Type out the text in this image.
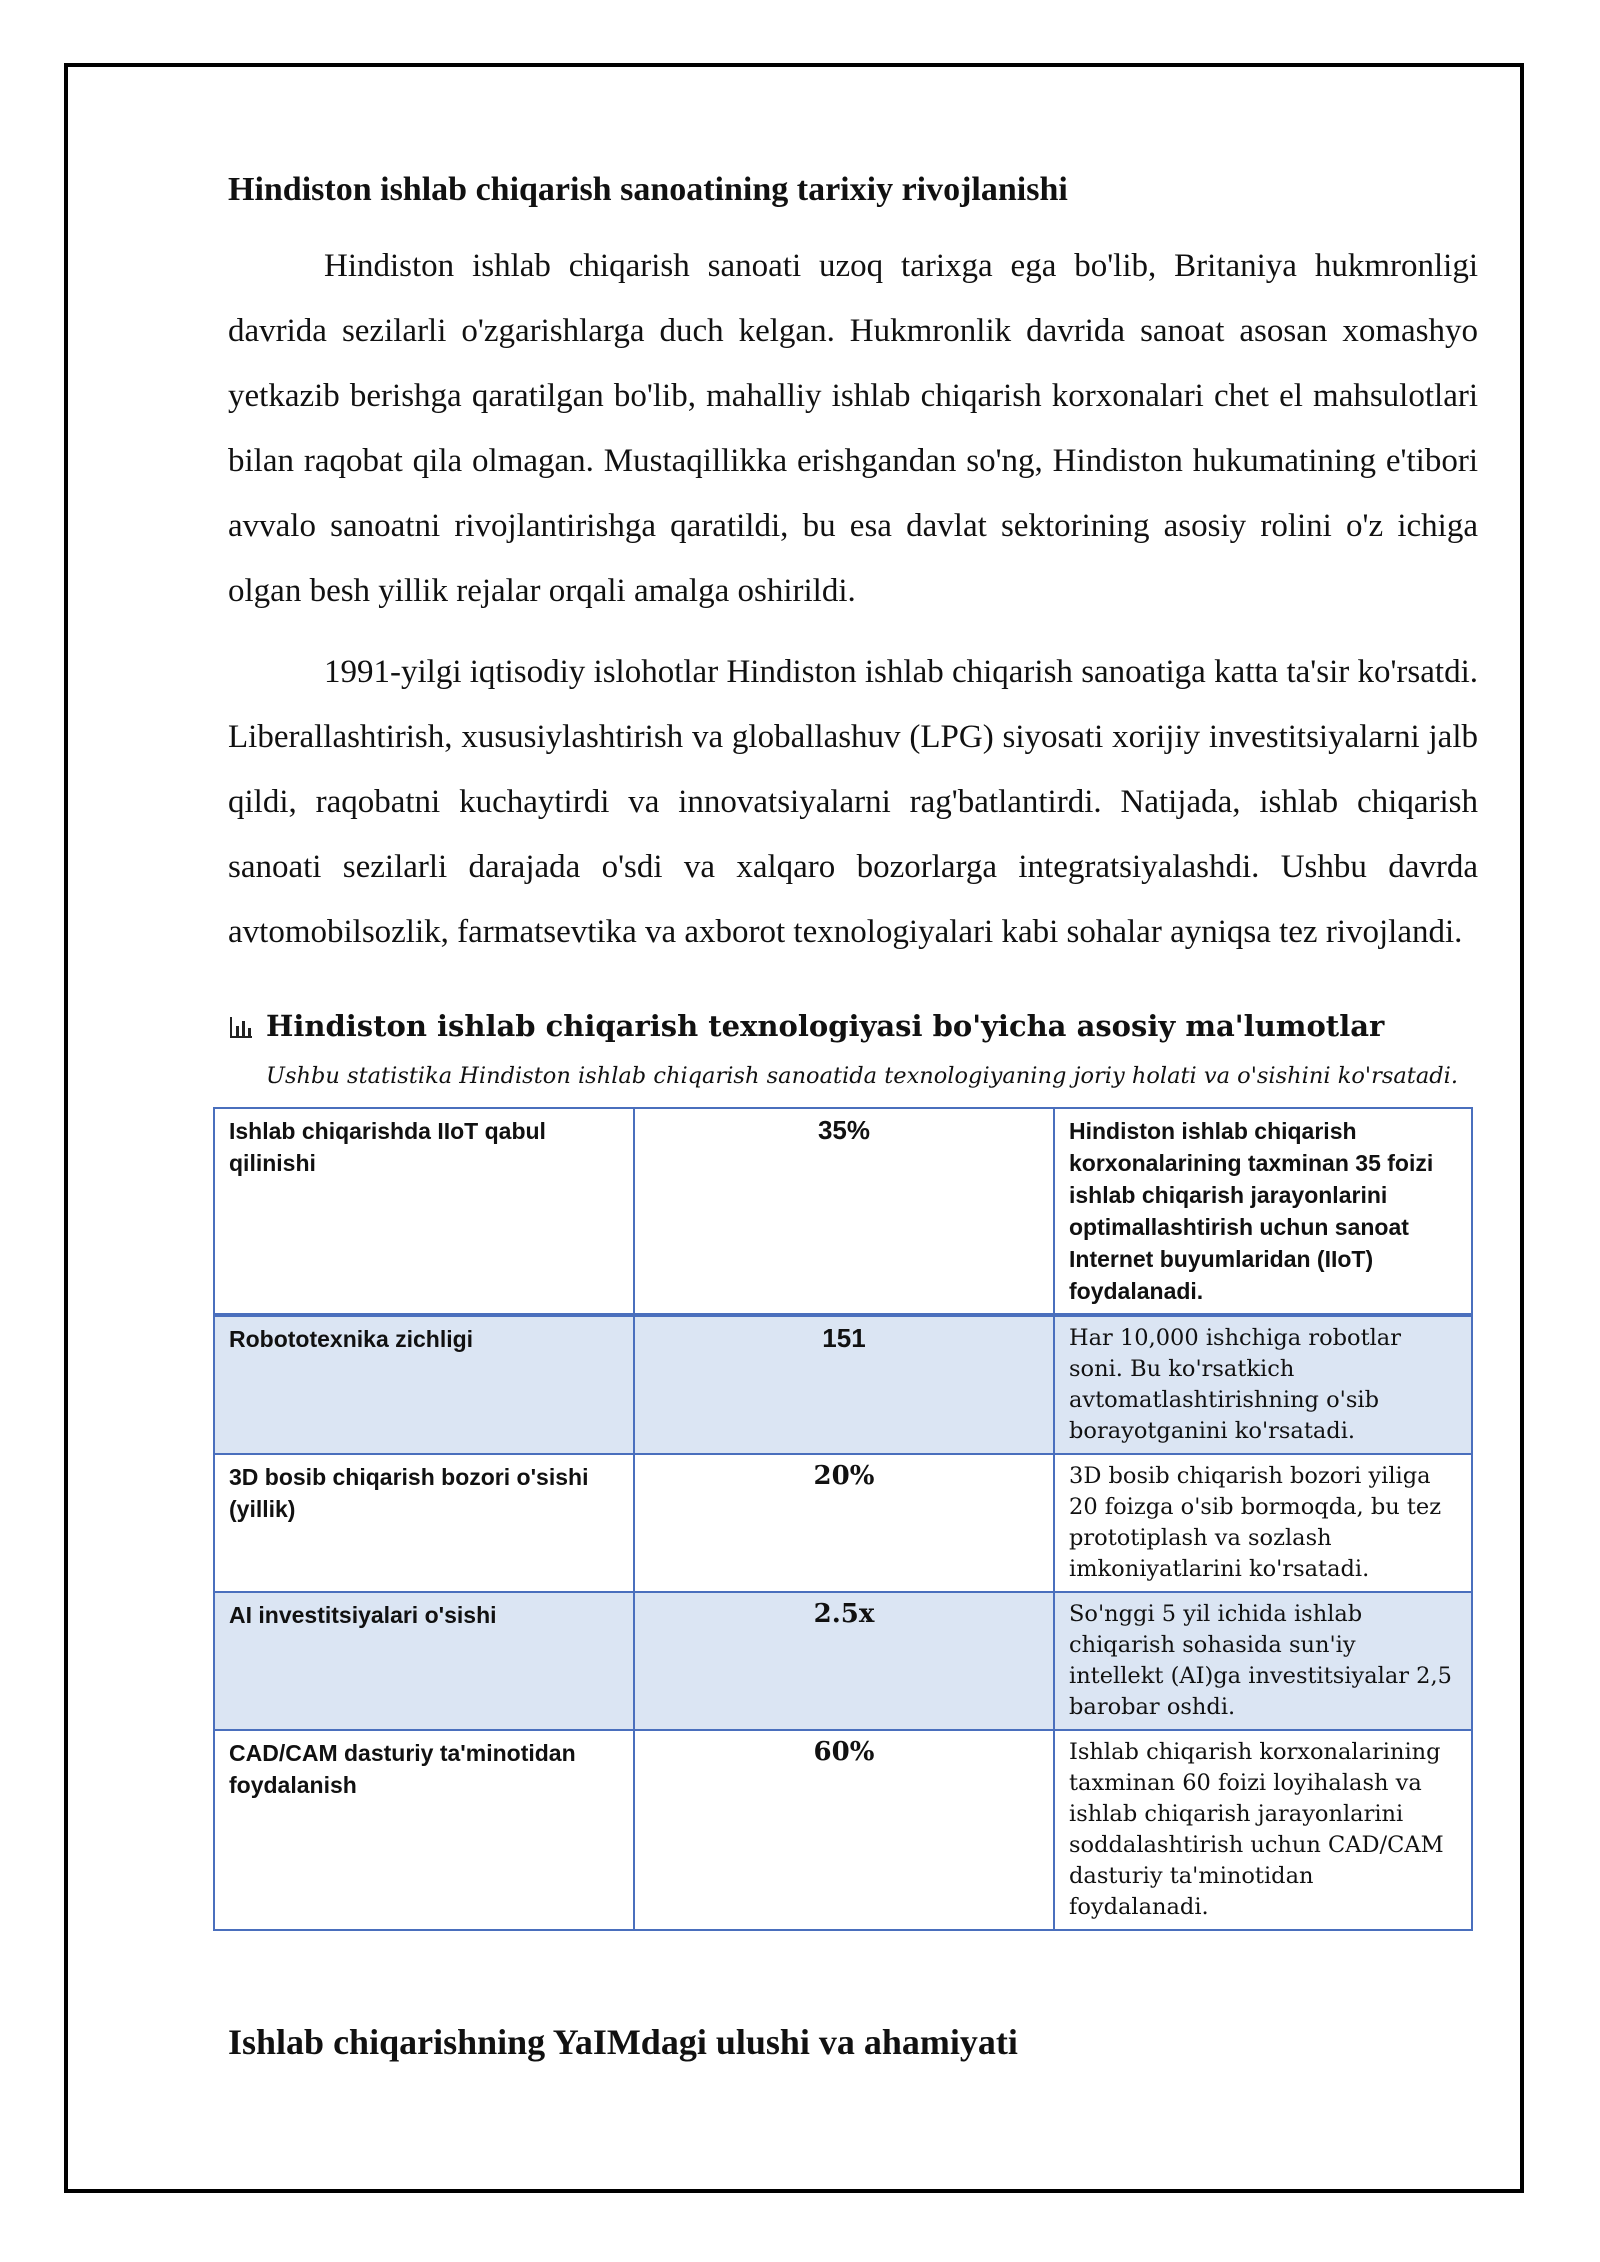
Hindiston ishlab chiqarish sanoatining tarixiy rivojlanishi

Hindiston ishlab chiqarish sanoati uzoq tarixga ega bo'lib, Britaniya hukmronligi davrida sezilarli o'zgarishlarga duch kelgan. Hukmronlik davrida sanoat asosan xomashyo yetkazib berishga qaratilgan bo'lib, mahalliy ishlab chiqarish korxonalari chet el mahsulotlari bilan raqobat qila olmagan. Mustaqillikka erishgandan so'ng, Hindiston hukumatining e'tibori avvalo sanoatni rivojlantirishga qaratildi, bu esa davlat sektorining asosiy rolini o'z ichiga olgan besh yillik rejalar orqali amalga oshirildi.

1991-yilgi iqtisodiy islohotlar Hindiston ishlab chiqarish sanoatiga katta ta'sir ko'rsatdi. Liberallashtirish, xususiylashtirish va globallashuv (LPG) siyosati xorijiy investitsiyalarni jalb qildi, raqobatni kuchaytirdi va innovatsiyalarni rag'batlantirdi. Natijada, ishlab chiqarish sanoati sezilarli darajada o'sdi va xalqaro bozorlarga integratsiyalashdi. Ushbu davrda avtomobilsozlik, farmatsevtika va axborot texnologiyalari kabi sohalar ayniqsa tez rivojlandi.

Hindiston ishlab chiqarish texnologiyasi bo'yicha asosiy ma'lumotlar
Ushbu statistika Hindiston ishlab chiqarish sanoatida texnologiyaning joriy holati va o'sishini ko'rsatadi.
Ishlab chiqarishda IIoT qabul qilinishi	35%	Hindiston ishlab chiqarish korxonalarining taxminan 35 foizi ishlab chiqarish jarayonlarini optimallashtirish uchun sanoat Internet buyumlaridan (IIoT) foydalanadi.
Robototexnika zichligi	151	Har 10,000 ishchiga robotlar soni. Bu ko'rsatkich avtomatlashtirishning o'sib borayotganini ko'rsatadi.
3D bosib chiqarish bozori o'sishi (yillik)	20%	3D bosib chiqarish bozori yiliga 20 foizga o'sib bormoqda, bu tez prototiplash va sozlash imkoniyatlarini ko'rsatadi.
AI investitsiyalari o'sishi	2.5x	So'nggi 5 yil ichida ishlab chiqarish sohasida sun'iy intellekt (AI)ga investitsiyalar 2,5 barobar oshdi.
CAD/CAM dasturiy ta'minotidan foydalanish	60%	Ishlab chiqarish korxonalarining taxminan 60 foizi loyihalash va ishlab chiqarish jarayonlarini soddalashtirish uchun CAD/CAM dasturiy ta'minotidan foydalanadi.
Ishlab chiqarishning YaIMdagi ulushi va ahamiyati
